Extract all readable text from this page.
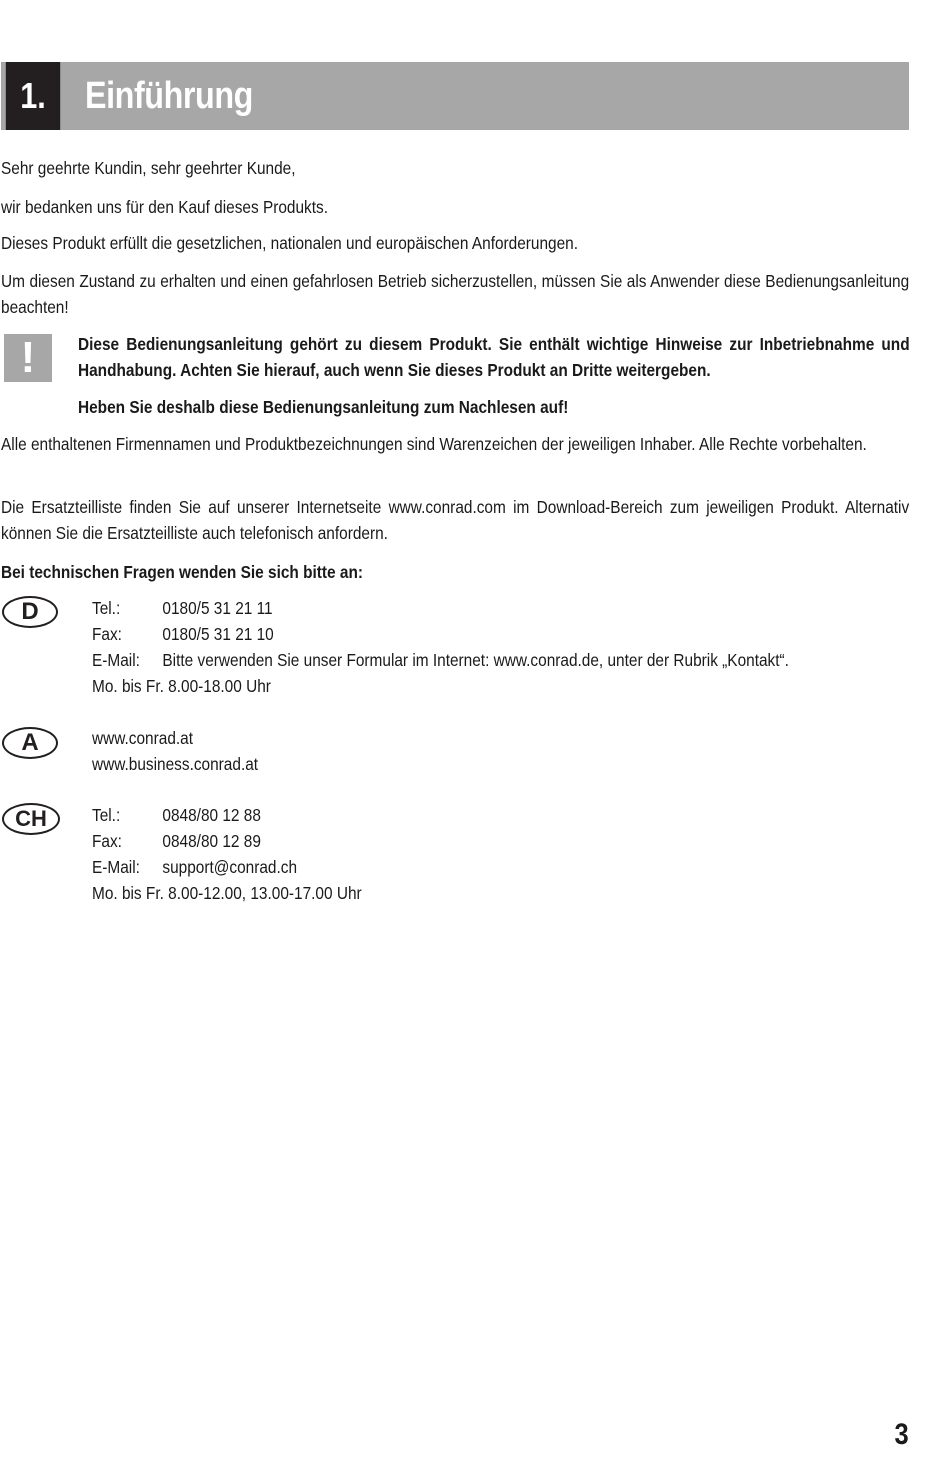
1.	Einführung

Sehr geehrte Kundin, sehr geehrter Kunde,

wir bedanken uns für den Kauf dieses Produkts.

Dieses Produkt erfüllt die gesetzlichen, nationalen und europäischen Anforderungen.

Um diesen Zustand zu erhalten und einen gefahrlosen Betrieb sicherzustellen, müssen Sie als Anwender diese Bedienungsanleitung beachten!

!	Diese Bedienungsanleitung gehört zu diesem Produkt. Sie enthält wichtige Hinweise zur Inbetriebnahme und Handhabung. Achten Sie hierauf, auch wenn Sie dieses Produkt an Dritte weitergeben.

Heben Sie deshalb diese Bedienungsanleitung zum Nachlesen auf!

Alle enthaltenen Firmennamen und Produktbezeichnungen sind Warenzeichen der jeweiligen Inhaber. Alle Rechte vorbehalten.

Die Ersatzteilliste finden Sie auf unserer Internetseite www.conrad.com im Download-Bereich zum jeweiligen Produkt. Alternativ können Sie die Ersatzteilliste auch telefonisch anfordern.

Bei technischen Fragen wenden Sie sich bitte an:

D	Tel.:	0180/5 31 21 11
Fax:	0180/5 31 21 10
E-Mail:	Bitte verwenden Sie unser Formular im Internet: www.conrad.de, unter der Rubrik „Kontakt“.
Mo. bis Fr. 8.00-18.00 Uhr
A	www.conrad.at
www.business.conrad.at
CH	Tel.:	0848/80 12 88
Fax:	0848/80 12 89
E-Mail:	support@conrad.ch
Mo. bis Fr. 8.00-12.00, 13.00-17.00 Uhr
3
